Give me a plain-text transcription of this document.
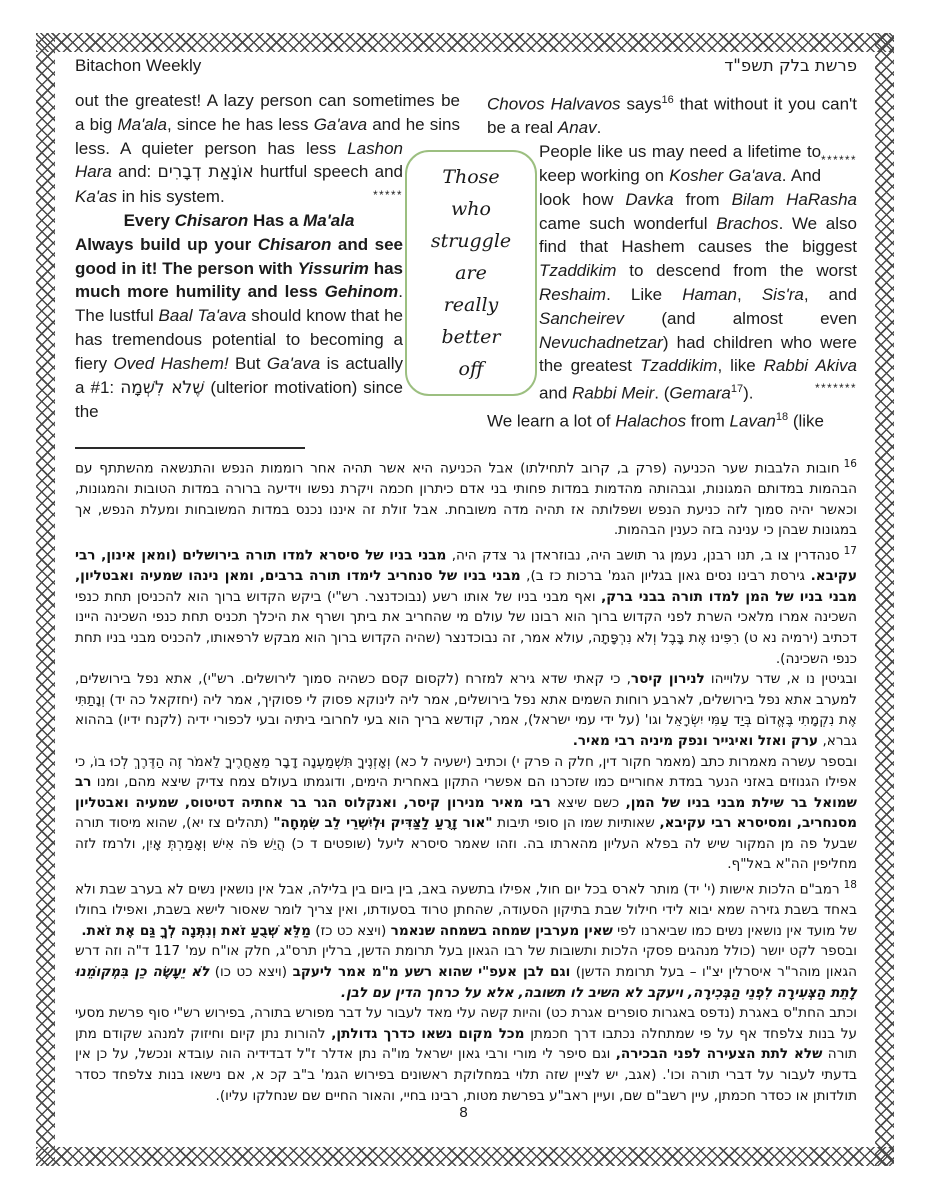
Bitachon Weekly	פרשת בלק תשפ"ד

out the greatest! A lazy person can sometimes be a big Ma'ala, since he has less Ga'ava and he sins less. A quieter person has less Lashon Hara and: אוֹנָאַת דְבָרִים hurtful speech and Ka'as in his system.	*****

Every Chisaron Has a Ma'ala

Always build up your Chisaron and see good in it! The person with Yissurim has much more humility and less Gehinom. The lustful Baal Ta'ava should know that he has tremendous potential to becoming a fiery Oved Hashem! But Ga'ava is actually a #1: שֶׁלֹא לִשְׁמָה (ulterior motivation) since the

Chovos Halvavos says$^{16}$ that without it you can't be a real Anav.
******

People like us may need a lifetime to keep working on Kosher Ga'ava. And look how Davka from Bilam HaRasha came such wonderful Brachos. We also find that Hashem causes the biggest Tzaddikim to descend from the worst Reshaim. Like Haman, Sis'ra, and Sancheirev (and almost even Nevuchadnetzar) had children who were the greatest Tzaddikim, like Rabbi Akiva and Rabbi Meir. (Gemara$^{17}$).	*******

We learn a lot of Halachos from Lavan$^{18}$ (like

Those
who
struggle
are
really
better
off

$^{16}$חובות הלבבות שער הכניעה (פרק ב, קרוב לתחילתו) אבל הכניעה היא אשר תהיה אחר רוממות הנפש והתנשאה מהשתתף עם הבהמות במדותם המגונות, וגבהותה מהדמות במדות פחותי בני אדם כיתרון חכמה ויקרת נפשו וידיעה ברורה במדות הטובות והמגונות, וכאשר יהיה סמוך לזה כניעת הנפש ושפלותה אז תהיה מדה משובחת. אבל זולת זה איננו נכנס במדות המשובחות ומעלת הנפש, אך במגונות שבהן כי ענינה בזה כענין הבהמות.

$^{17}$סנהדרין צו ב, תנו רבנן, נעמן גר תושב היה, נבוזראדן גר צדק היה, מבני בניו של סיסרא למדו תורה בירושלים (ומאן אינון, רבי עקיבא. גירסת רבינו נסים גאון בגליון הגמ' ברכות כז ב), מבני בניו של סנחריב לימדו תורה ברבים, ומאן נינהו שמעיה ואבטליון, מבני בניו של המן למדו תורה בבני ברק, ואף מבני בניו של אותו רשע (נבוכדנצר. רש"י) ביקש הקדוש ברוך הוא להכניסן תחת כנפי השכינה אמרו מלאכי השרת לפני הקדוש ברוך הוא רבונו של עולם מי שהחריב את ביתך ושרף את היכלך תכניס תחת כנפי השכינה היינו דכתיב (ירמיה נא ט) רִפִּינוּ אֶת בָּבֶל וְלֹא נִרְפָּתָה, עולא אמר, זה נבוכדנצר (שהיה הקדוש ברוך הוא מבקש לרפאותו, להכניס מבני בניו תחת כנפי השכינה).

ובגיטין נו א, שדר עלוייהו לנירון קיסר, כי קאתי שדא גירא למזרח (לקסום קסם כשהיה סמוך לירושלים. רש"י), אתא נפל בירושלים, למערב אתא נפל בירושלים, לארבע רוחות השמים אתא נפל בירושלים, אמר ליה לינוקא פסוק לי פסוקיך, אמר ליה (יחזקאל כה יד) וְנָתַתִּי אֶת נִקְמָתִי בֶּאֱדוֹם בְּיַד עַמִּי יִשְׂרָאֵל וגו' (על ידי עמי ישראל), אמר, קודשא בריך הוא בעי לחרובי ביתיה ובעי לכפורי ידיה (לקנח ידיו) בההוא גברא, ערק ואזל ואיגייר ונפק מיניה רבי מאיר.

ובספר עשרה מאמרות כתב (מאמר חקור דין, חלק ה פרק י) וכתיב (ישעיה ל כא) וְאָזְנֶיךָ תִּשְׁמַעְנָה דָבָר מֵאַחֲרֶיךָ לֵאמֹר זֶה הַדֶּרֶךְ לְכוּ בוֹ, כי אפילו הגנוזים באזני הנער במדת אחוריים כמו שזכרנו הם אפשרי התקון באחרית הימים, ודוגמתו בעולם צמח צדיק שיצא מהם, ומנו רב שמואל בר שילת מבני בניו של המן, כשם שיצא רבי מאיר מנירון קיסר, ואנקלוס הגר בר אחתיה דטיטוס, שמעיה ואבטליון מסנחריב, ומסיסרא רבי עקיבא, שאותיות שמו הן סופי תיבות "אור זָרֻעַ לַצַּדִּיק וּלְיִשְׁרֵי לֵב שִׂמְחָה" (תהלים צז יא), שהוא מיסוד תורה שבעל פה מן המקור שיש לה בפלא העליון מהארתו בה. וזהו שאמר סיסרא ליעל (שופטים ד כ) הֲיֵשׁ פֹּה אִישׁ וְאָמַרְתְּ אָיִן, ולרמז לזה מחליפין הה"א באל"ף.

$^{18}$רמב"ם הלכות אישות (י' יד) מותר לארס בכל יום חול, אפילו בתשעה באב, בין ביום בין בלילה, אבל אין נושאין נשים לא בערב שבת ולא באחד בשבת גזירה שמא יבוא לידי חילול שבת בתיקון הסעודה, שהחתן טרוד בסעודתו, ואין צריך לומר שאסור לישא בשבת, ואפילו בחולו של מועד אין נושאין נשים כמו שביארנו לפי שאין מערבין שמחה בשמחה שנאמר (ויצא כט כז) מַלֵּא שְׁבֻעַ זֹאת וְנִתְּנָה לְךָ גַּם אֶת זֹאת.

ובספר לקט יושר (כולל מנהגים פסקי הלכות ותשובות של רבו הגאון בעל תרומת הדשן, ברלין תרס"ג, חלק או"ח עמ' 117 ד"ה וזה דרש הגאון מוהר"ר איסרלין יצ"ו – בעל תרומת הדשן) וגם לבן אעפ"י שהוא רשע מ"מ אמר ליעקב (ויצא כט כו) לֹא יֵעָשֶׂה כֵן בִּמְקוֹמֵנוּ לָתֵת הַצְּעִירָה לִפְנֵי הַבְּכִירָה, ויעקב לא השיב לו תשובה, אלא על כרחך הדין עם לבן.

וכתב החת"ס באגרת (נדפס באגרות סופרים אגרת כט) והיות קשה עלי מאד לעבור על דבר מפורש בתורה, בפירוש רש"י סוף פרשת מסעי על בנות צלפחד אף על פי שמתחלה נכתבו דרך חכמתן מכל מקום נשאו כדרך גדולתן, להורות נתן קיום וחיזוק למנהג שקודם מתן תורה שלא לתת הצעירה לפני הבכירה, וגם סיפר לי מורי ורבי גאון ישראל מו"ה נתן אדלר ז"ל דבדידיה הוה עובדא ונכשל, על כן אין בדעתי לעבור על דברי תורה וכו'. (אגב, יש לציין שזה תלוי במחלוקת ראשונים בפירוש הגמ' ב"ב קכ א, אם נישאו בנות צלפחד כסדר תולדותן או כסדר חכמתן, עיין רשב"ם שם, ועיין ראב"ע בפרשת מטות, רבינו בחיי, והאור החיים שם שנחלקו עליו).

8
